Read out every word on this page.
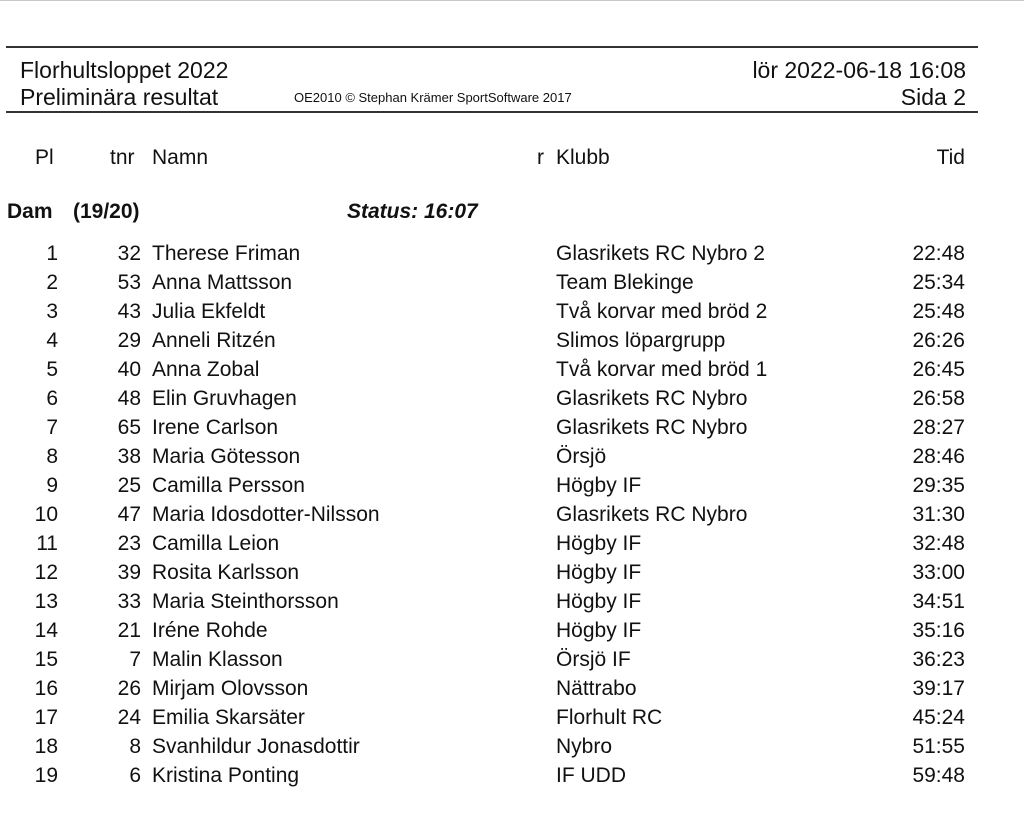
Florhultsloppet 2022	lör 2022-06-18 16:08
Preliminära resultat	OE2010 © Stephan Krämer SportSoftware 2017	Sida 2
Pl	tnr Namn	r Klubb	Tid
Dam (19/20)	Status: 16:07
1	32 Therese Friman	Glasrikets RC Nybro 2	22:48
2	53 Anna Mattsson	Team Blekinge	25:34
3	43 Julia Ekfeldt	Två korvar med bröd 2	25:48
4	29 Anneli Ritzén	Slimos löpargrupp	26:26
5	40 Anna Zobal	Två korvar med bröd 1	26:45
6	48 Elin Gruvhagen	Glasrikets RC Nybro	26:58
7	65 Irene Carlson	Glasrikets RC Nybro	28:27
8	38 Maria Götesson	Örsjö	28:46
9	25 Camilla Persson	Högby IF	29:35
10	47 Maria Idosdotter-Nilsson	Glasrikets RC Nybro	31:30
11	23 Camilla Leion	Högby IF	32:48
12	39 Rosita Karlsson	Högby IF	33:00
13	33 Maria Steinthorsson	Högby IF	34:51
14	21 Iréne Rohde	Högby IF	35:16
15	7 Malin Klasson	Örsjö IF	36:23
16	26 Mirjam Olovsson	Nättrabo	39:17
17	24 Emilia Skarsäter	Florhult RC	45:24
18	8 Svanhildur Jonasdottir	Nybro	51:55
19	6 Kristina Ponting	IF UDD	59:48
